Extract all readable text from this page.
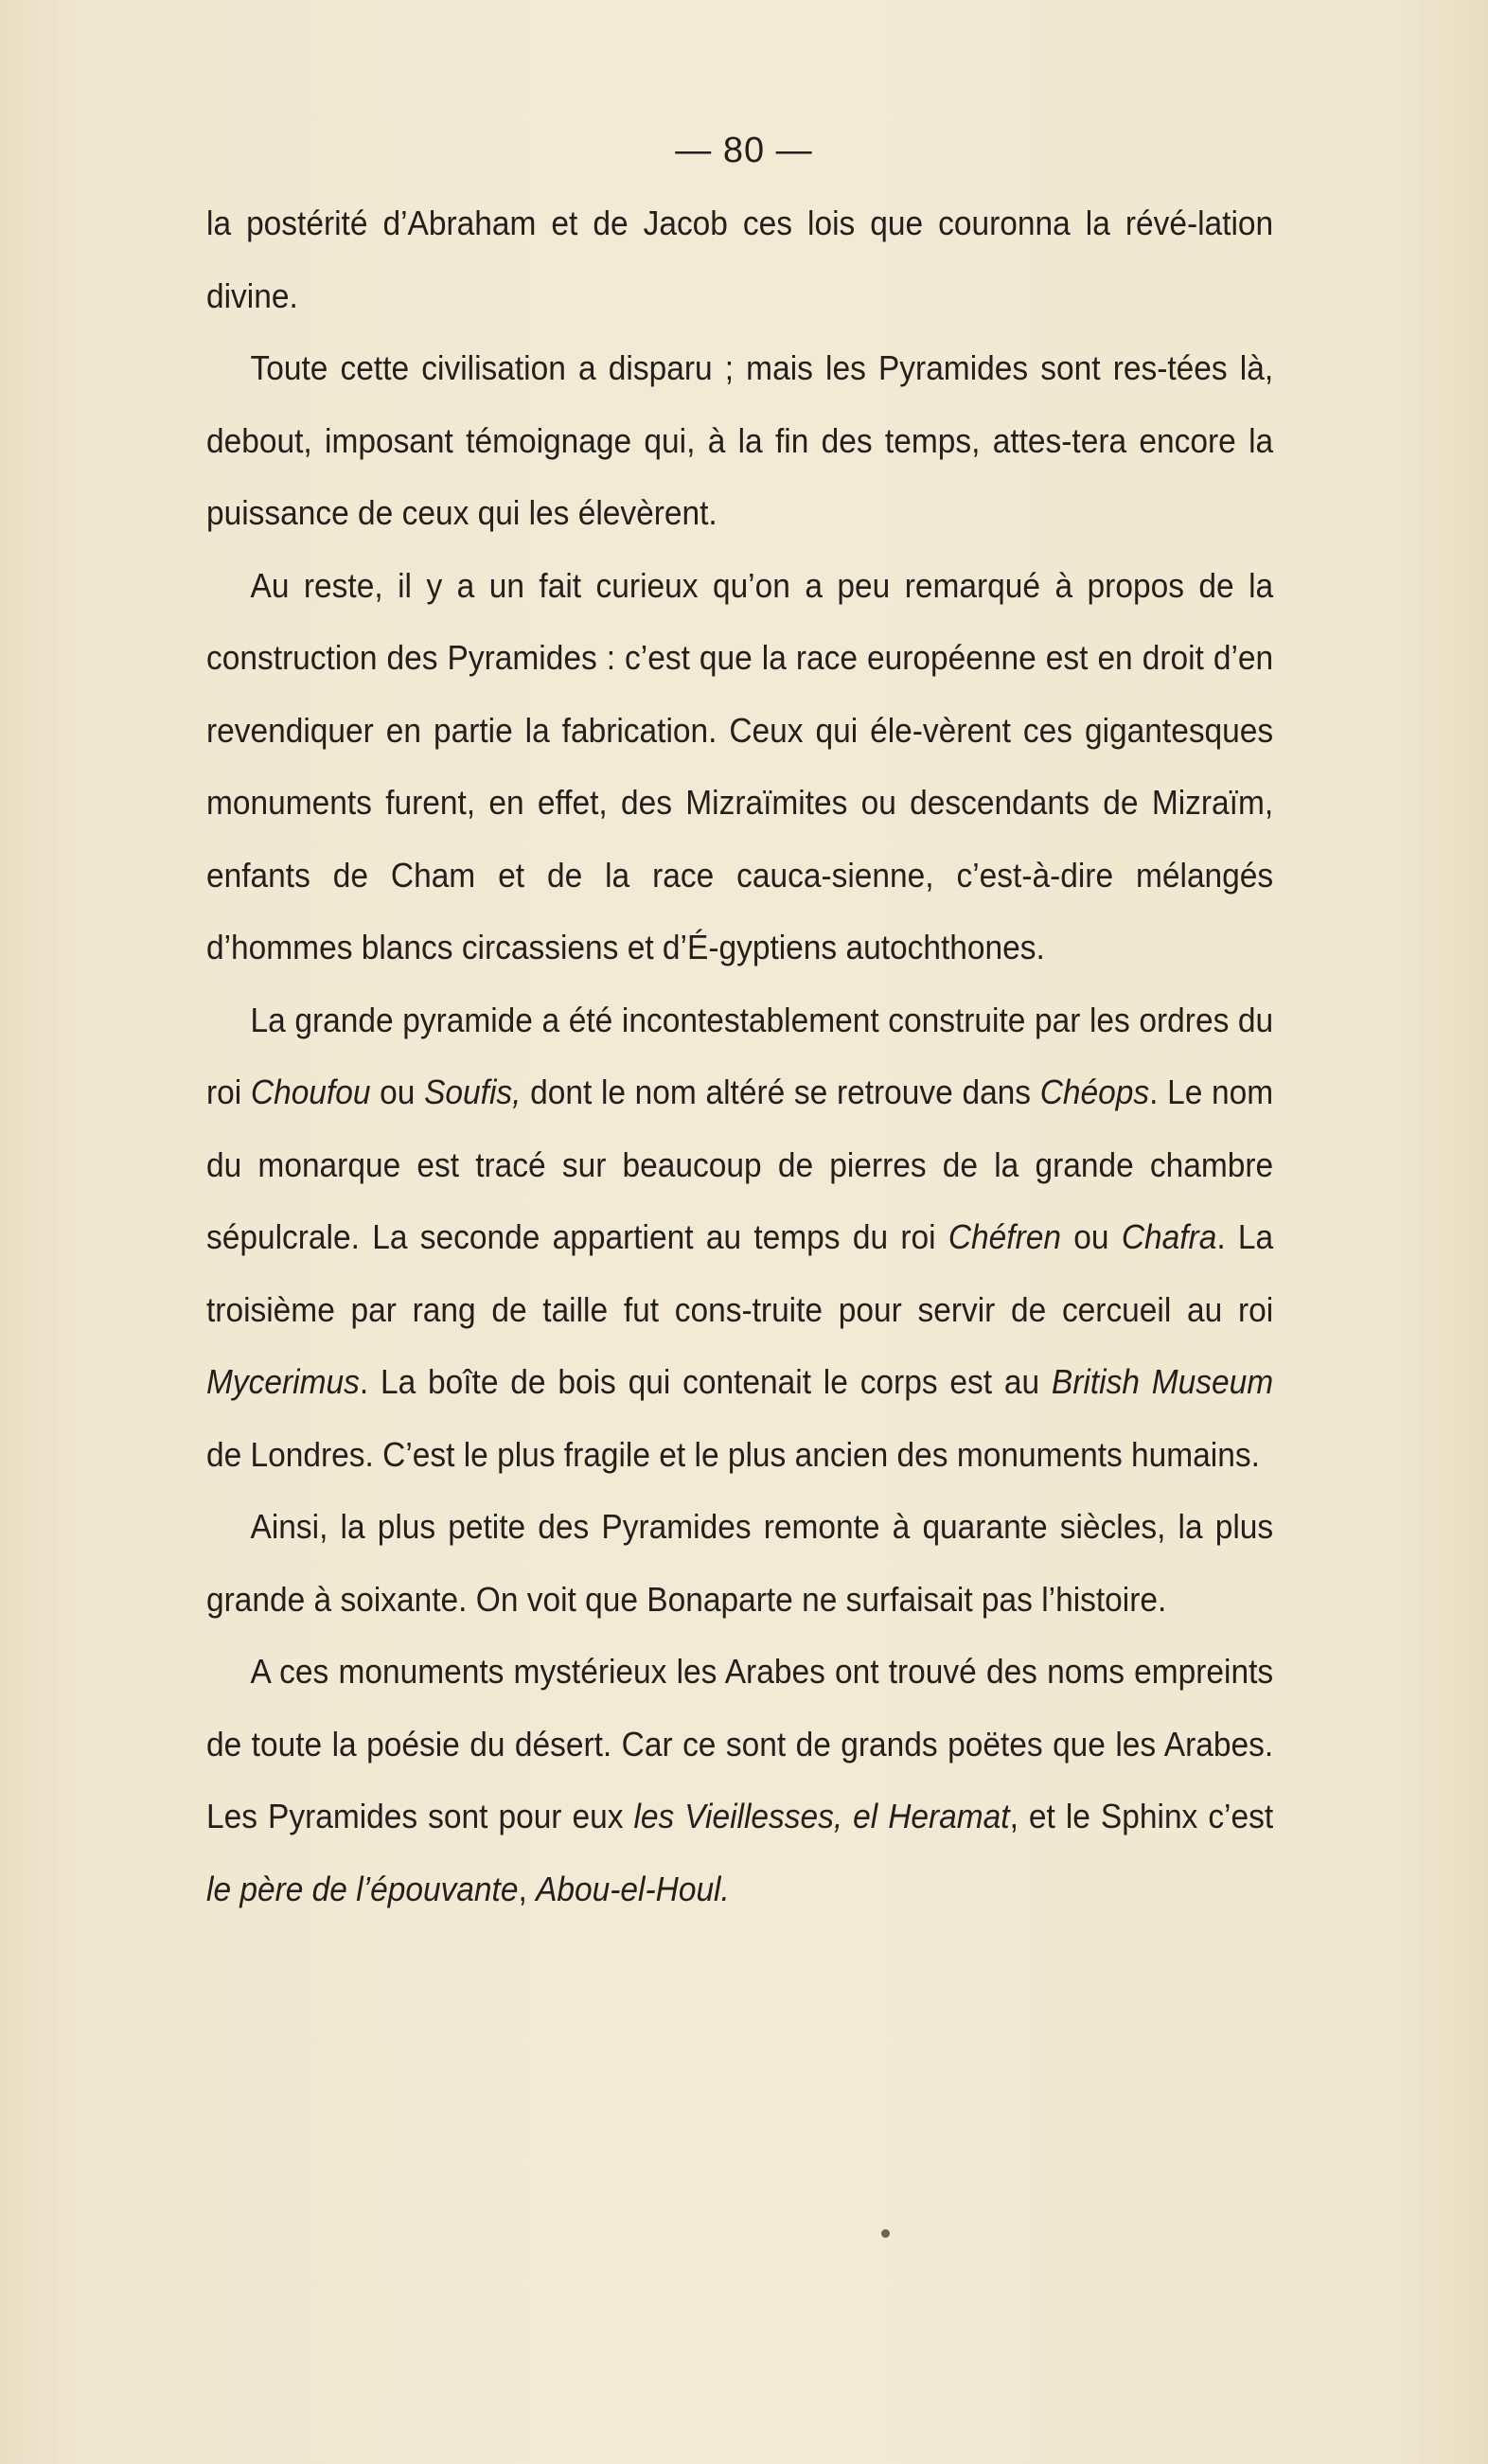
— 80 —

la postérité d’Abraham et de Jacob ces lois que couronna la révé-lation divine.

Toute cette civilisation a disparu ; mais les Pyramides sont res-tées là, debout, imposant témoignage qui, à la fin des temps, attes-tera encore la puissance de ceux qui les élevèrent.

Au reste, il y a un fait curieux qu’on a peu remarqué à propos de la construction des Pyramides : c’est que la race européenne est en droit d’en revendiquer en partie la fabrication. Ceux qui éle-vèrent ces gigantesques monuments furent, en effet, des Mizraïmites ou descendants de Mizraïm, enfants de Cham et de la race cauca-sienne, c’est-à-dire mélangés d’hommes blancs circassiens et d’É-gyptiens autochthones.

La grande pyramide a été incontestablement construite par les ordres du roi Choufou ou Soufis, dont le nom altéré se retrouve dans Chéops. Le nom du monarque est tracé sur beaucoup de pierres de la grande chambre sépulcrale. La seconde appartient au temps du roi Chéfren ou Chafra. La troisième par rang de taille fut cons-truite pour servir de cercueil au roi Mycerimus. La boîte de bois qui contenait le corps est au British Museum de Londres. C’est le plus fragile et le plus ancien des monuments humains.

Ainsi, la plus petite des Pyramides remonte à quarante siècles, la plus grande à soixante. On voit que Bonaparte ne surfaisait pas l’histoire.

A ces monuments mystérieux les Arabes ont trouvé des noms empreints de toute la poésie du désert. Car ce sont de grands poëtes que les Arabes. Les Pyramides sont pour eux les Vieillesses, el Heramat, et le Sphinx c’est le père de l’épouvante, Abou-el-Houl.
